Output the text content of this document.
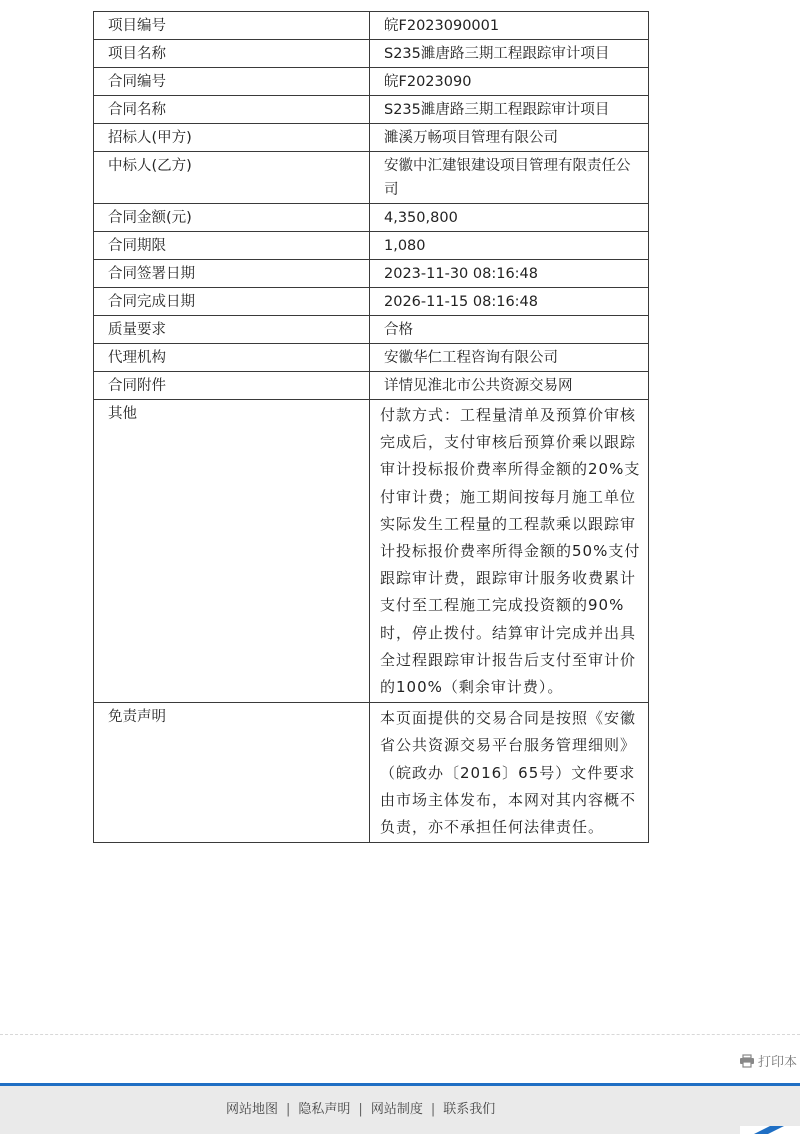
项目编号	皖F2023090001
项目名称	S235濉唐路三期工程跟踪审计项目
合同编号	皖F2023090
合同名称	S235濉唐路三期工程跟踪审计项目
招标人(甲方)	濉溪万畅项目管理有限公司
中标人(乙方)	安徽中汇建银建设项目管理有限责任公司
合同金额(元)	4,350,800
合同期限	1,080
合同签署日期	2023-11-30 08:16:48
合同完成日期	2026-11-15 08:16:48
质量要求	合格
代理机构	安徽华仁工程咨询有限公司
合同附件	详情见淮北市公共资源交易网
其他	付款方式：工程量清单及预算价审核完成后，支付审核后预算价乘以跟踪审计投标报价费率所得金额的20%支付审计费；施工期间按每月施工单位实际发生工程量的工程款乘以跟踪审计投标报价费率所得金额的50%支付跟踪审计费，跟踪审计服务收费累计支付至工程施工完成投资额的90%时，停止拨付。结算审计完成并出具全过程跟踪审计报告后支付至审计价的100%（剩余审计费）。
免责声明	本页面提供的交易合同是按照《安徽省公共资源交易平台服务管理细则》（皖政办〔2016〕65号）文件要求由市场主体发布，本网对其内容概不负责，亦不承担任何法律责任。
打印本
网站地图 | 隐私声明 | 网站制度 | 联系我们
